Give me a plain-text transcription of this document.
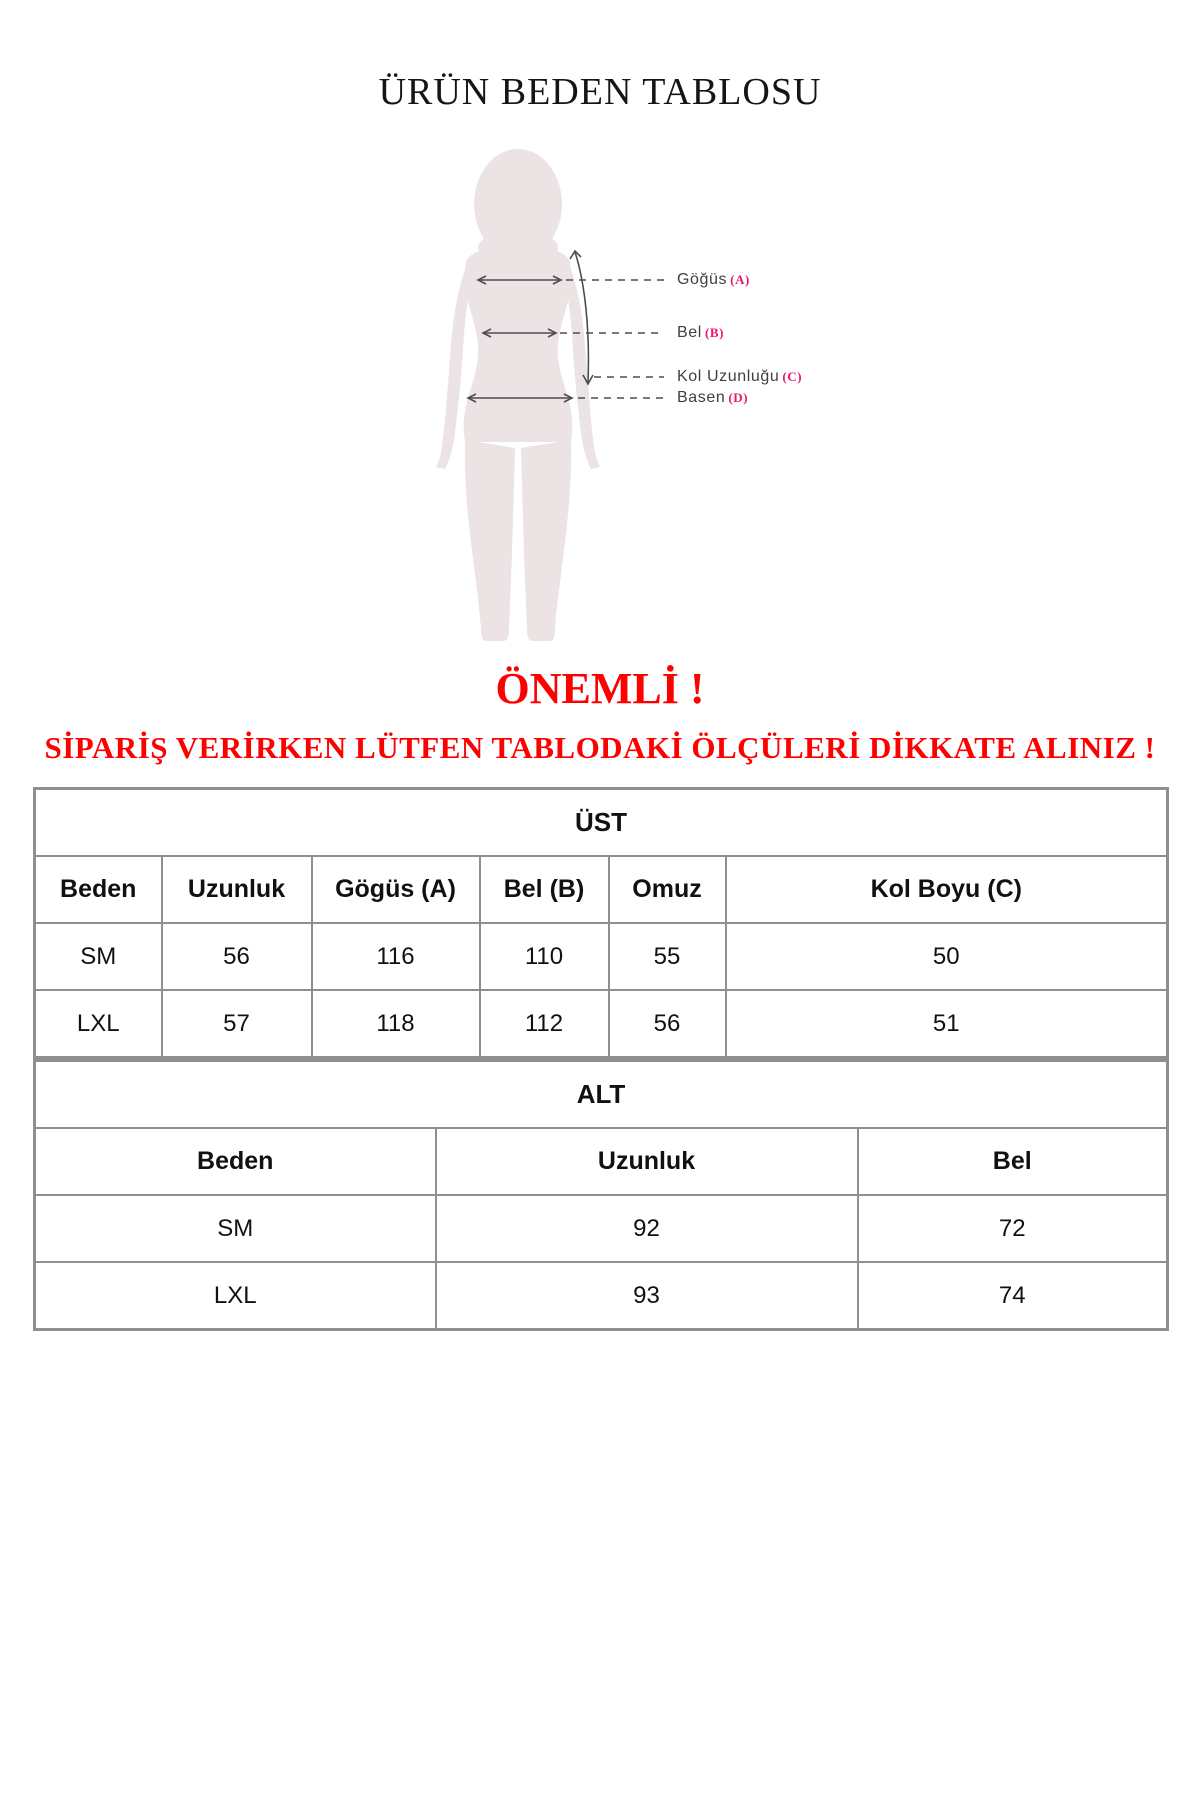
ÜRÜN BEDEN TABLOSU
Göğüs (A)
Bel (B)
Kol Uzunluğu (C)
Basen (D)
ÖNEMLİ !
SİPARİŞ VERİRKEN LÜTFEN TABLODAKİ ÖLÇÜLERİ DİKKATE ALINIZ !
ÜST					
Beden	Uzunluk	Gögüs (A)	Bel (B)	Omuz	Kol Boyu (C)
SM	56	116	110	55	50
LXL	57	118	112	56	51
ALT		
Beden	Uzunluk	Bel
SM	92	72
LXL	93	74
